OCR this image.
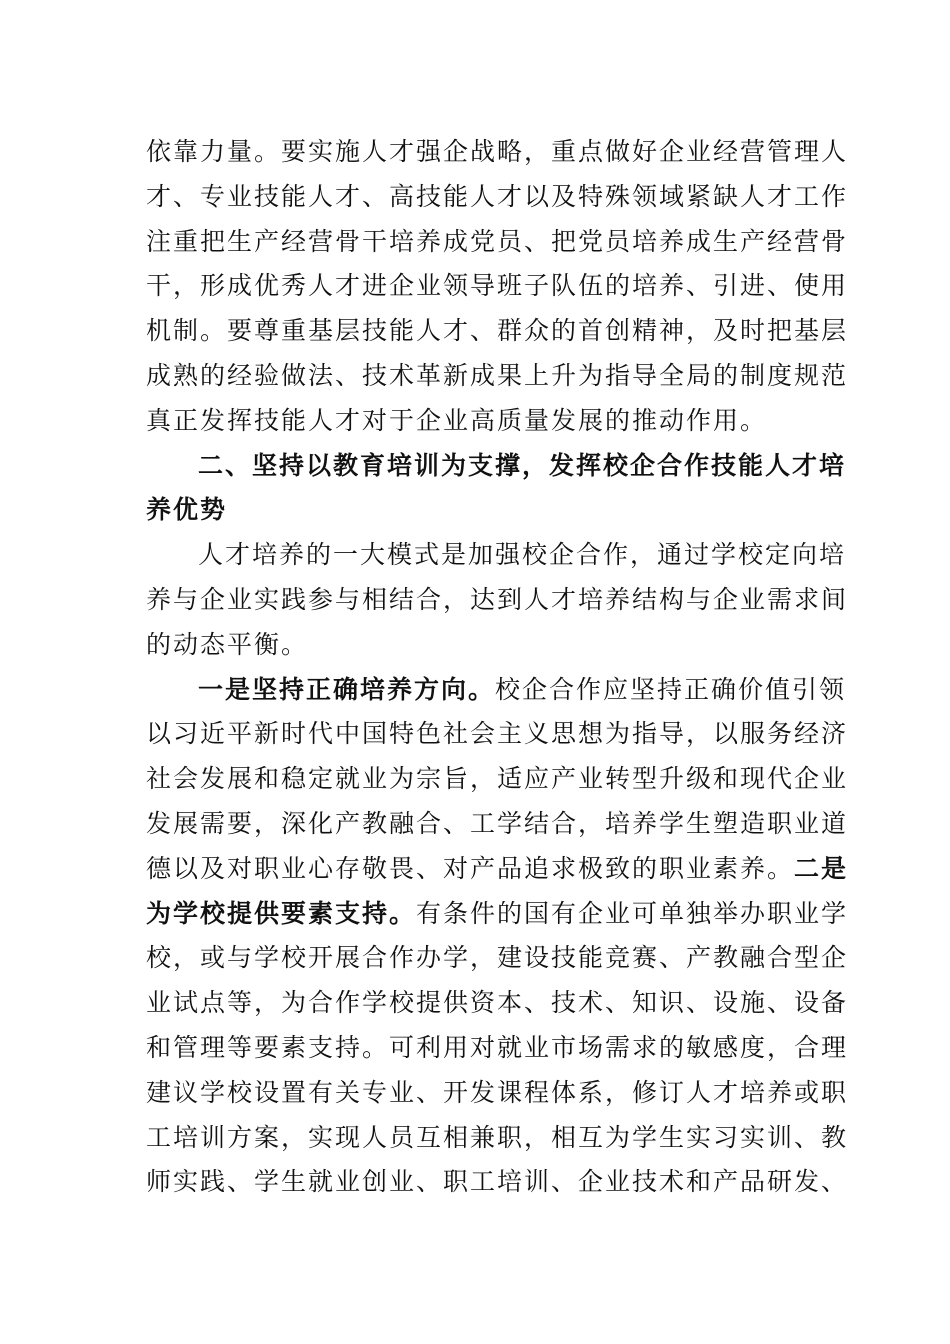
依靠力量。要实施人才强企战略，重点做好企业经营管理人
才、专业技能人才、高技能人才以及特殊领域紧缺人才工作
注重把生产经营骨干培养成党员、把党员培养成生产经营骨
干，形成优秀人才进企业领导班子队伍的培养、引进、使用
机制。要尊重基层技能人才、群众的首创精神，及时把基层
成熟的经验做法、技术革新成果上升为指导全局的制度规范
真正发挥技能人才对于企业高质量发展的推动作用。
二、坚持以教育培训为支撑，发挥校企合作技能人才培
养优势
人才培养的一大模式是加强校企合作，通过学校定向培
养与企业实践参与相结合，达到人才培养结构与企业需求间
的动态平衡。
一是坚持正确培养方向。校企合作应坚持正确价值引领
以习近平新时代中国特色社会主义思想为指导，以服务经济
社会发展和稳定就业为宗旨，适应产业转型升级和现代企业
发展需要，深化产教融合、工学结合，培养学生塑造职业道
德以及对职业心存敬畏、对产品追求极致的职业素养。二是
为学校提供要素支持。有条件的国有企业可单独举办职业学
校，或与学校开展合作办学，建设技能竞赛、产教融合型企
业试点等，为合作学校提供资本、技术、知识、设施、设备
和管理等要素支持。可利用对就业市场需求的敏感度，合理
建议学校设置有关专业、开发课程体系，修订人才培养或职
工培训方案，实现人员互相兼职，相互为学生实习实训、教
师实践、学生就业创业、职工培训、企业技术和产品研发、
